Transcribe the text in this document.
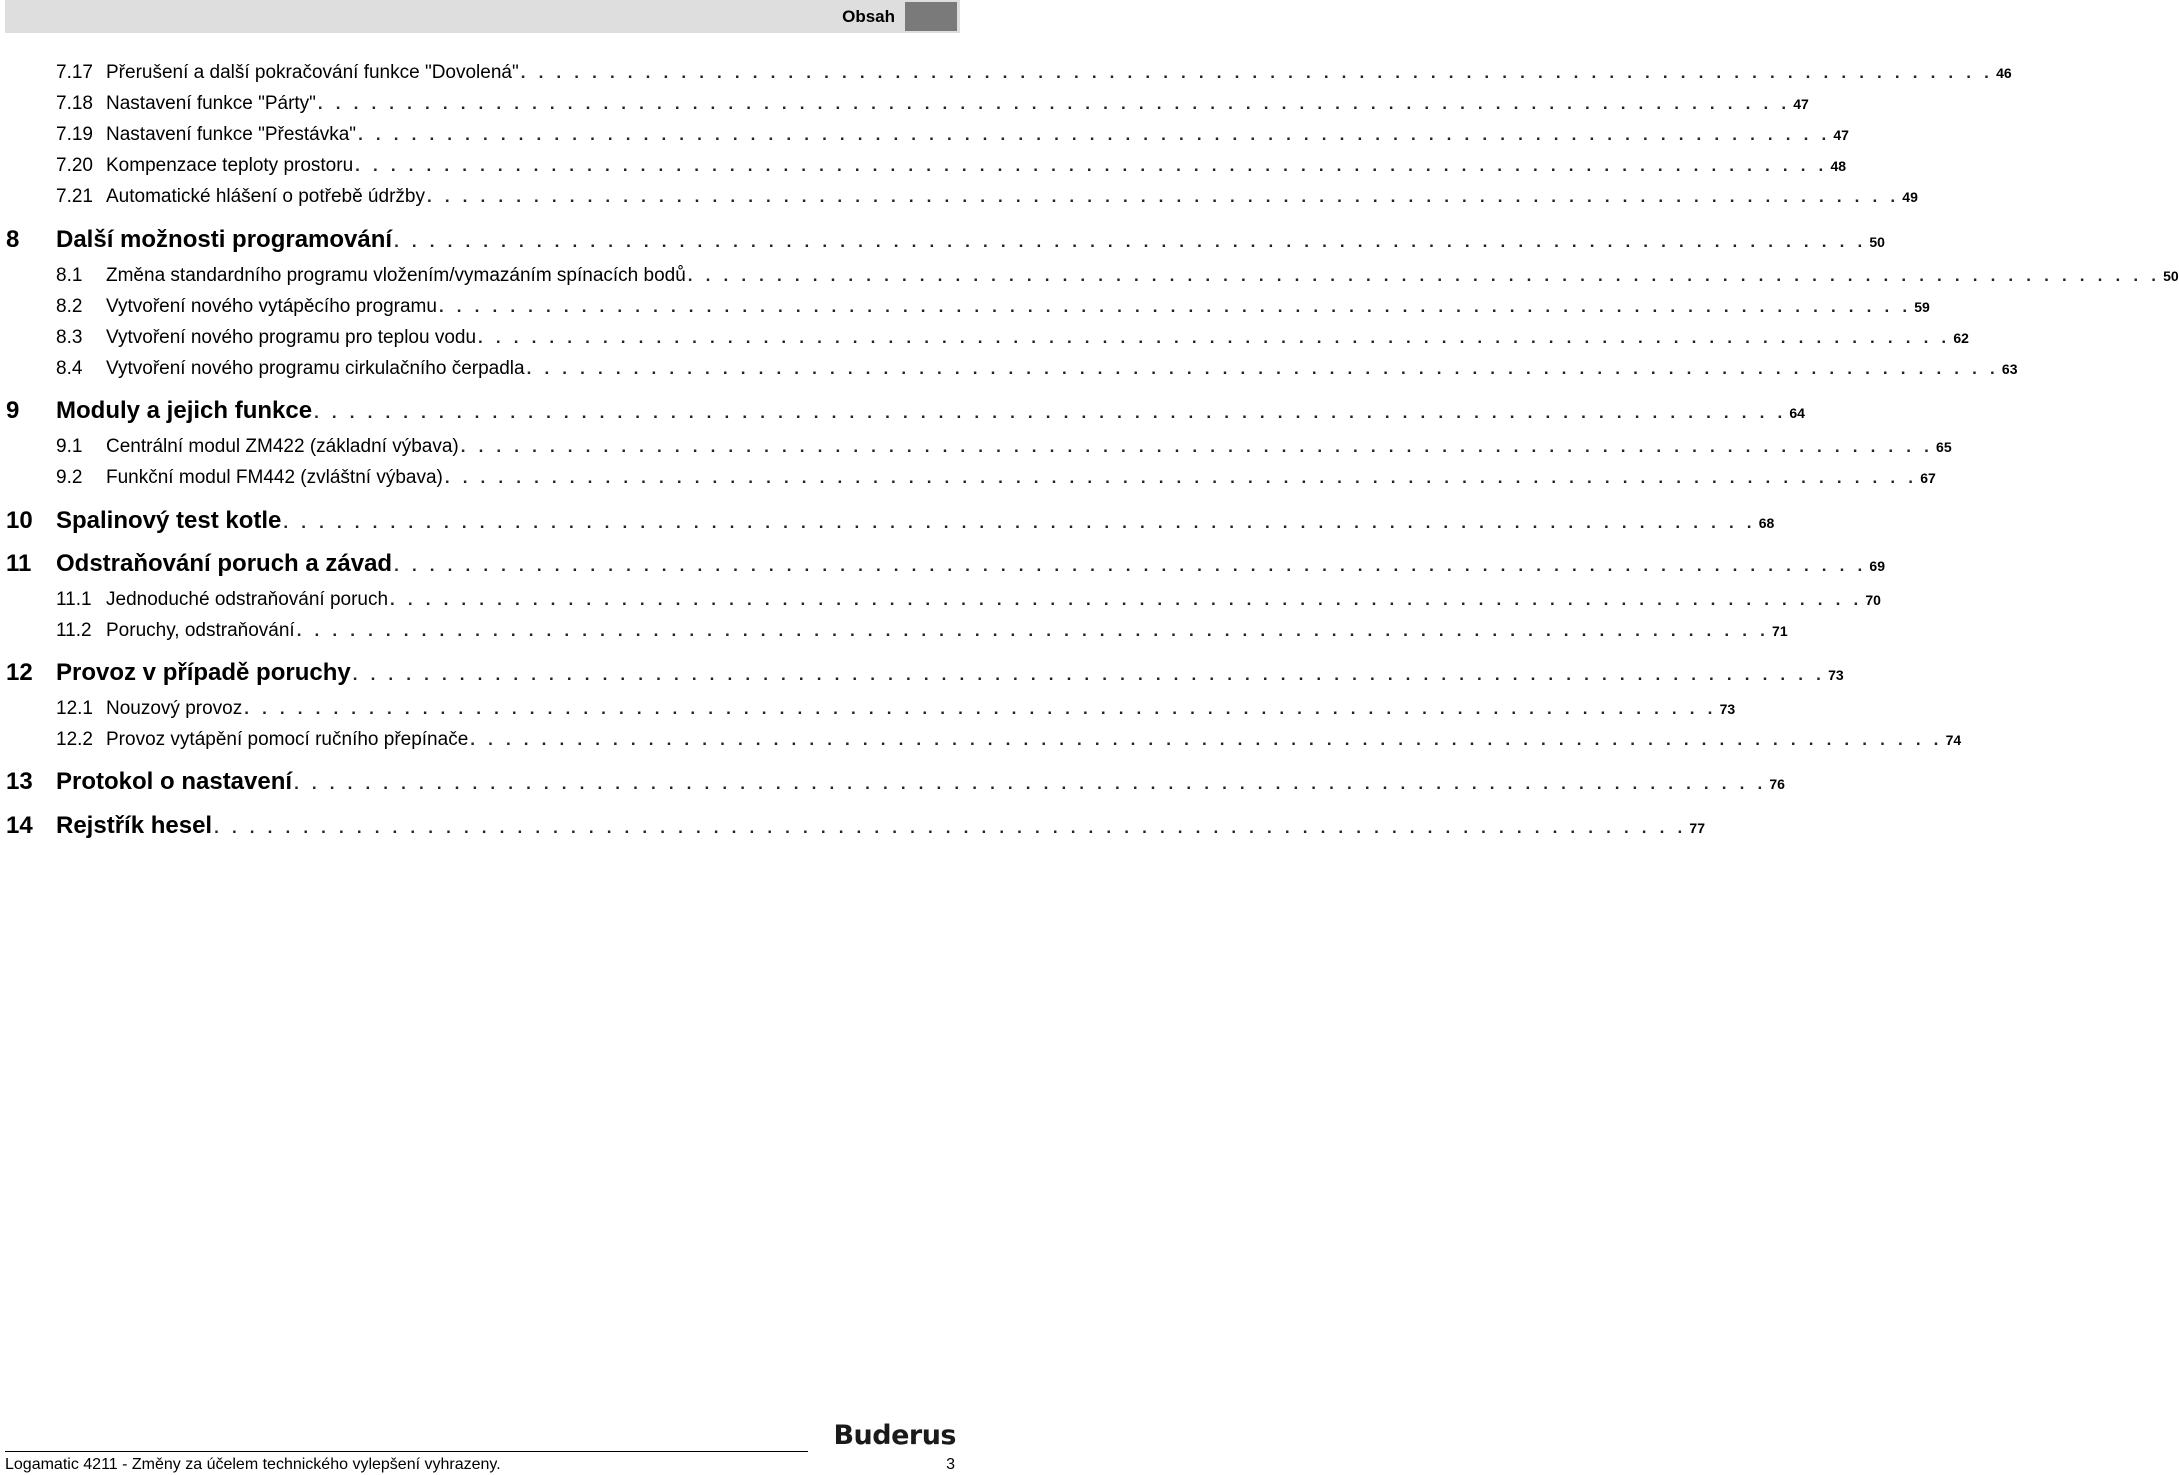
Obsah
7.17 Přerušení a další pokračování funkce "Dovolená" . . . . . . . . . . . . . . . . . . . . . . . . . . . . . . . . . . . . . . . . . . . . . . . . . . . . . . . . . . . . . . . . . . . . . . . . . . . . . . . . . . . 46
7.18 Nastavení funkce "Párty" . . . . . . . . . . . . . . . . . . . . . . . . . . . . . . . . . . . . . . . . . . . . . . . . . . . . . . . . . . . . . . . . . . . . . . . . . . . . . . . . . . . 47
7.19 Nastavení funkce "Přestávka" . . . . . . . . . . . . . . . . . . . . . . . . . . . . . . . . . . . . . . . . . . . . . . . . . . . . . . . . . . . . . . . . . . . . . . . . . . . . . . . . . . . 47
7.20 Kompenzace teploty prostoru . . . . . . . . . . . . . . . . . . . . . . . . . . . . . . . . . . . . . . . . . . . . . . . . . . . . . . . . . . . . . . . . . . . . . . . . . . . . . . . . . . . 48
7.21 Automatické hlášení o potřebě údržby . . . . . . . . . . . . . . . . . . . . . . . . . . . . . . . . . . . . . . . . . . . . . . . . . . . . . . . . . . . . . . . . . . . . . . . . . . . . . . . . . . . 49
8	Další možnosti programování . . . . . . . . . . . . . . . . . . . . . . . . . . . . . . . . . . . . . . . . . . . . . . . . . . . . . . . . . . . . . . . . . . . . . . . . . . . . . . . . . . . 50
8.1	Změna standardního programu vložením/vymazáním spínacích bodů . . . . . . . . . . . . . . . . . . . . . . . . . . . . . . . . . . . . . . . . . . . . . . . . . . . . . . . . . . . . . . . . . . . . . . . . . . . . . . . . . . . 50
8.2	Vytvoření nového vytápěcího programu . . . . . . . . . . . . . . . . . . . . . . . . . . . . . . . . . . . . . . . . . . . . . . . . . . . . . . . . . . . . . . . . . . . . . . . . . . . . . . . . . . . 59
8.3	Vytvoření nového programu pro teplou vodu . . . . . . . . . . . . . . . . . . . . . . . . . . . . . . . . . . . . . . . . . . . . . . . . . . . . . . . . . . . . . . . . . . . . . . . . . . . . . . . . . . . 62
8.4	Vytvoření nového programu cirkulačního čerpadla . . . . . . . . . . . . . . . . . . . . . . . . . . . . . . . . . . . . . . . . . . . . . . . . . . . . . . . . . . . . . . . . . . . . . . . . . . . . . . . . . . . 63
9	Moduly a jejich funkce . . . . . . . . . . . . . . . . . . . . . . . . . . . . . . . . . . . . . . . . . . . . . . . . . . . . . . . . . . . . . . . . . . . . . . . . . . . . . . . . . . . 64
9.1	Centrální modul ZM422 (základní výbava) . . . . . . . . . . . . . . . . . . . . . . . . . . . . . . . . . . . . . . . . . . . . . . . . . . . . . . . . . . . . . . . . . . . . . . . . . . . . . . . . . . . 65
9.2	Funkční modul FM442 (zvláštní výbava) . . . . . . . . . . . . . . . . . . . . . . . . . . . . . . . . . . . . . . . . . . . . . . . . . . . . . . . . . . . . . . . . . . . . . . . . . . . . . . . . . . . 67
10 Spalinový test kotle . . . . . . . . . . . . . . . . . . . . . . . . . . . . . . . . . . . . . . . . . . . . . . . . . . . . . . . . . . . . . . . . . . . . . . . . . . . . . . . . . . . 68
11	Odstraňování poruch a závad . . . . . . . . . . . . . . . . . . . . . . . . . . . . . . . . . . . . . . . . . . . . . . . . . . . . . . . . . . . . . . . . . . . . . . . . . . . . . . . . . . . 69
11.1 Jednoduché odstraňování poruch . . . . . . . . . . . . . . . . . . . . . . . . . . . . . . . . . . . . . . . . . . . . . . . . . . . . . . . . . . . . . . . . . . . . . . . . . . . . . . . . . . . 70
11.2 Poruchy, odstraňování . . . . . . . . . . . . . . . . . . . . . . . . . . . . . . . . . . . . . . . . . . . . . . . . . . . . . . . . . . . . . . . . . . . . . . . . . . . . . . . . . . . 71
12 Provoz v případě poruchy . . . . . . . . . . . . . . . . . . . . . . . . . . . . . . . . . . . . . . . . . . . . . . . . . . . . . . . . . . . . . . . . . . . . . . . . . . . . . . . . . . . 73
12.1 Nouzový provoz . . . . . . . . . . . . . . . . . . . . . . . . . . . . . . . . . . . . . . . . . . . . . . . . . . . . . . . . . . . . . . . . . . . . . . . . . . . . . . . . . . . 73
12.2 Provoz vytápění pomocí ručního přepínače . . . . . . . . . . . . . . . . . . . . . . . . . . . . . . . . . . . . . . . . . . . . . . . . . . . . . . . . . . . . . . . . . . . . . . . . . . . . . . . . . . . 74
13 Protokol o nastavení . . . . . . . . . . . . . . . . . . . . . . . . . . . . . . . . . . . . . . . . . . . . . . . . . . . . . . . . . . . . . . . . . . . . . . . . . . . . . . . . . . . 76
14 Rejstřík hesel . . . . . . . . . . . . . . . . . . . . . . . . . . . . . . . . . . . . . . . . . . . . . . . . . . . . . . . . . . . . . . . . . . . . . . . . . . . . . . . . . . . 77
Buderus
Logamatic 4211 - Změny za účelem technického vylepšení vyhrazeny.	3
